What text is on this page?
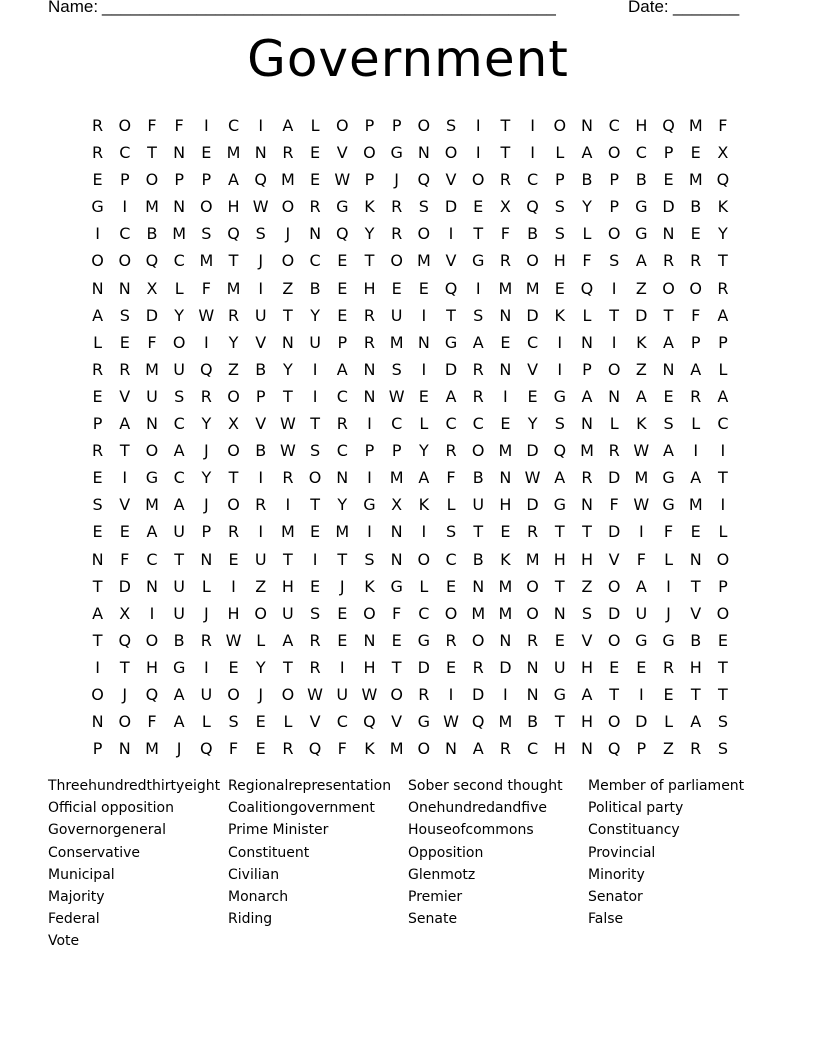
Name: ________________________________________________	Date: _______
Government
R O	F	F	I	C	I	A	L	O	P	P	O S	I	T	I	O N C H Q M F
R	C	T	N	E M N R	E	V O G N O	I	T	I	L	A O C	P	E	X
E	P	O	P	P	A Q M E W P	J	Q V O R	C	P	B	P	B	E M Q
G	I	M N O H W O R G K	R	S D E	X Q S	Y	P	G D B	K
I	C	B M S Q S	J	N Q	Y	R O	I	T	F	B	S	L	O G N	E	Y
O O Q C M T	J	O C	E	T	O M V G R O H	F	S	A	R	R	T
N N X	L	F M	I	Z	B	E	H	E	E Q	I	M M E Q	I	Z O O R
A	S D	Y W R U	T	Y	E	R U	I	T	S	N D K	L	T	D	T	F	A
L	E	F	O	I	Y	V N U	P	R M N G A	E	C	I	N	I	K	A	P	P
R	R M U Q Z	B	Y	I	A N	S	I	D R N V	I	P	O Z N A	L
E	V U	S	R O	P	T	I	C N W E	A	R	I	E G A N A	E	R	A
P	A N C	Y	X	V W T	R	I	C	L	C	C	E	Y	S	N	L	K	S	L	C
R	T	O A	J	O B W S	C	P	P	Y	R O M D Q M R W A	I	I
E	I	G C	Y	T	I	R O N	I	M A	F	B N W A	R D M G A	T
S	V M A	J	O R	I	T	Y	G X	K	L	U H D G N	F W G M	I
E	E	A U	P	R	I	M E M	I	N	I	S	T	E	R	T	T	D	I	F	E	L
N	F	C	T	N	E	U	T	I	T	S	N O C	B	K M H H V	F	L	N O
T	D N U	L	I	Z H	E	J	K G	L	E	N M O	T	Z O A	I	T	P
A	X	I	U	J	H O U	S	E O	F	C O M M O N	S D U	J	V O
T	Q O B	R W L	A	R	E	N	E G R O N R	E	V O G G B	E
I	T	H G	I	E	Y	T	R	I	H	T	D E	R D N U H	E	E	R H	T
O	J	Q A U O	J	O W U W O R	I	D	I	N G A	T	I	E	T	T
N O	F	A	L	S	E	L	V	C Q V G W Q M B	T	H O D	L	A	S
P	N M	J	Q	F	E	R Q	F	K M O N A	R	C H N Q	P	Z	R	S
Threehundredthirtyeight Regionalrepresentation	Sober second thought	Member of parliament
Official opposition	Coalitiongovernment	Onehundredandfive	Political party
Governorgeneral	Prime Minister	Houseofcommons	Constituancy
Conservative	Constituent	Opposition	Provincial
Municipal	Civilian	Glenmotz	Minority
Majority	Monarch	Premier	Senator
Federal	Riding	Senate	False
Vote
